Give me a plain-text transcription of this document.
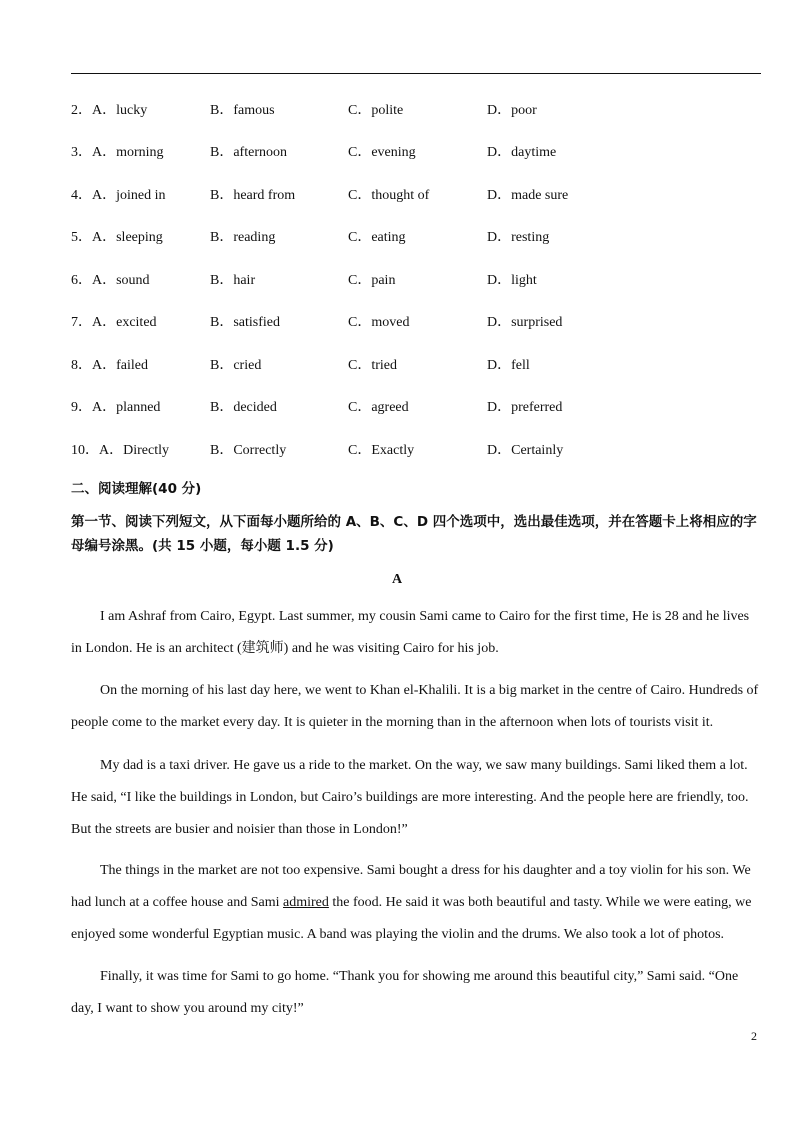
2．A．lucky	B．famous	C．polite	D．poor
3．A．morning	B．afternoon	C．evening	D．daytime
4．A．joined in	B．heard from	C．thought of	D．made sure
5．A．sleeping	B．reading	C．eating	D．resting
6．A．sound	B．hair	C．pain	D．light
7．A．excited	B．satisfied	C．moved	D．surprised
8．A．failed	B．cried	C．tried	D．fell
9．A．planned	B．decided	C．agreed	D．preferred
10．A．Directly	B．Correctly	C．Exactly	D．Certainly
二、阅读理解(40 分)
第一节、阅读下列短文，从下面每小题所给的 A、B、C、D 四个选项中，选出最佳选项，并在答题卡上将相应的字母编号涂黑。(共 15 小题，每小题 1.5 分)
A
I am Ashraf from Cairo, Egypt. Last summer, my cousin Sami came to Cairo for the first time, He is 28 and he lives in London. He is an architect (建筑师) and he was visiting Cairo for his job.
On the morning of his last day here, we went to Khan el-Khalili. It is a big market in the centre of Cairo. Hundreds of people come to the market every day. It is quieter in the morning than in the afternoon when lots of tourists visit it.
My dad is a taxi driver. He gave us a ride to the market. On the way, we saw many buildings. Sami liked them a lot. He said, “I like the buildings in London, but Cairo’s buildings are more interesting. And the people here are friendly, too. But the streets are busier and noisier than those in London!”
The things in the market are not too expensive. Sami bought a dress for his daughter and a toy violin for his son. We had lunch at a coffee house and Sami admired the food. He said it was both beautiful and tasty. While we were eating, we enjoyed some wonderful Egyptian music. A band was playing the violin and the drums. We also took a lot of photos.
Finally, it was time for Sami to go home. “Thank you for showing me around this beautiful city,” Sami said. “One day, I want to show you around my city!”
2
